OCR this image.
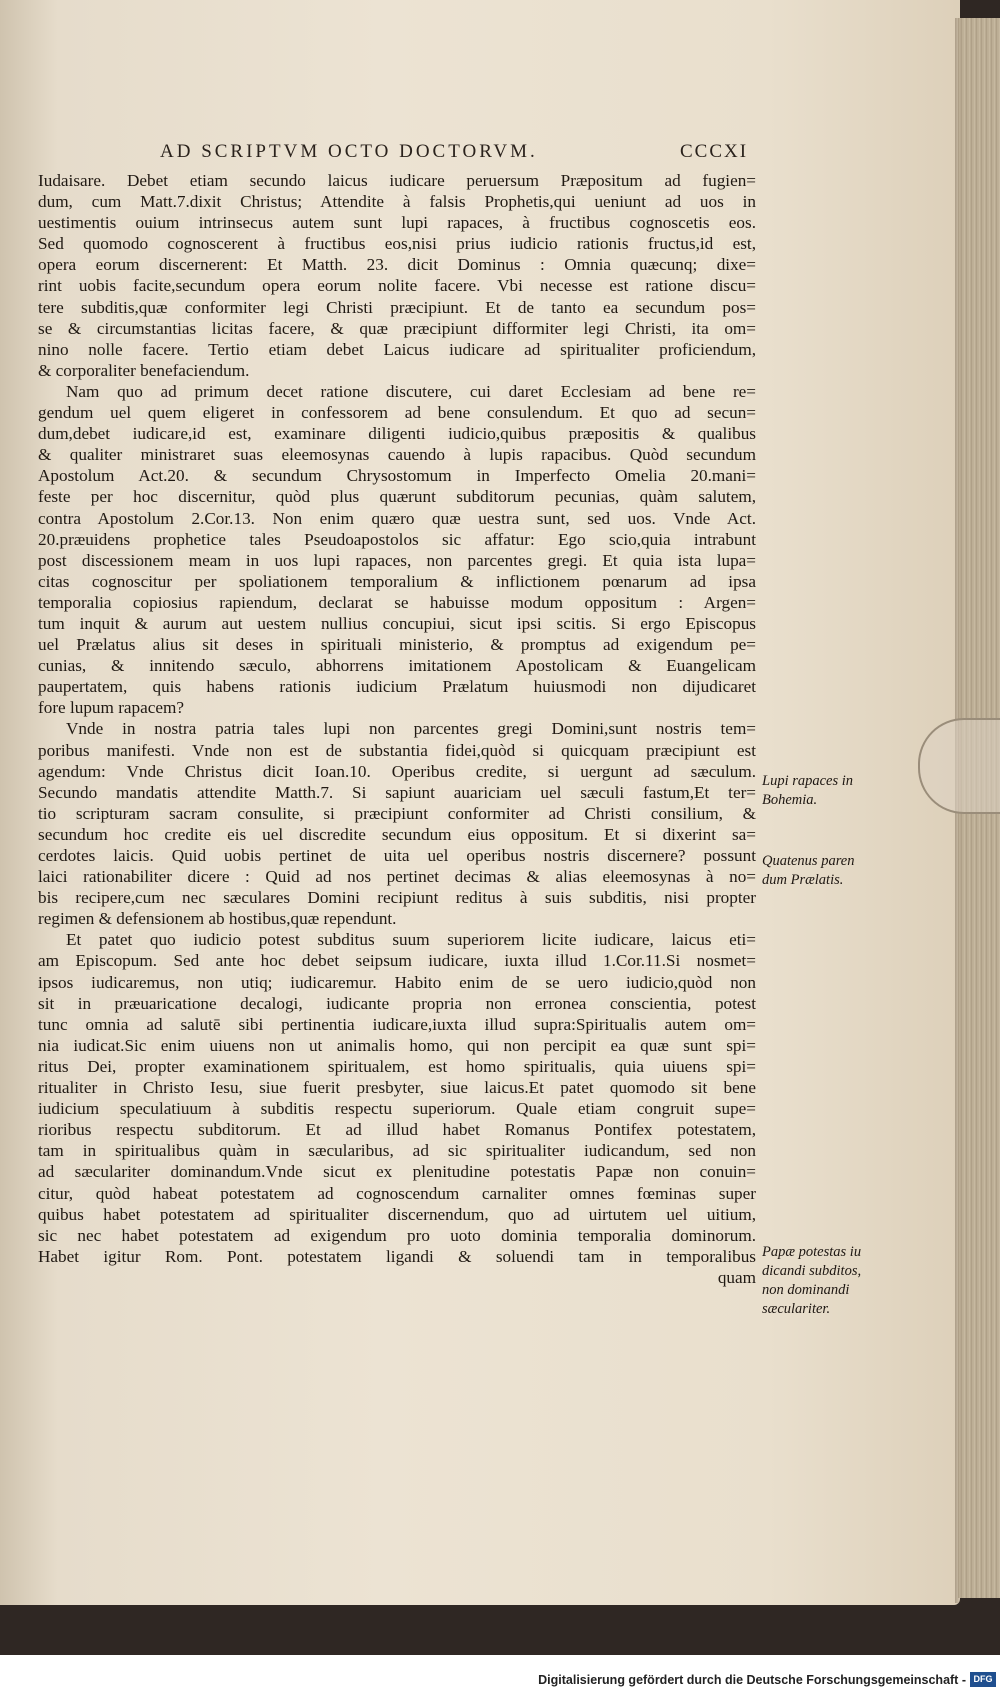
AD SCRIPTVM OCTO DOCTORVM.	CCCXI
Iudaisare. Debet etiam secundo laicus iudicare peruersum Præpositum ad fugien=
dum, cum Matt.7.dixit Christus; Attendite à falsis Prophetis,qui ueniunt ad uos in
uestimentis ouium intrinsecus autem sunt lupi rapaces, à fructibus cognoscetis eos.
Sed quomodo cognoscerent à fructibus eos,nisi prius iudicio rationis fructus,id est,
opera eorum discernerent: Et Matth. 23. dicit Dominus : Omnia quæcunq; dixe=
rint uobis facite,secundum opera eorum nolite facere. Vbi necesse est ratione discu=
tere subditis,quæ conformiter legi Christi præcipiunt. Et de tanto ea secundum pos=
se & circumstantias licitas facere, & quæ præcipiunt difformiter legi Christi, ita om=
nino nolle facere. Tertio etiam debet Laicus iudicare ad spiritualiter proficiendum,
& corporaliter benefaciendum.
Nam quo ad primum decet ratione discutere, cui daret Ecclesiam ad bene re=
gendum uel quem eligeret in confessorem ad bene consulendum. Et quo ad secun=
dum,debet iudicare,id est, examinare diligenti iudicio,quibus præpositis & qualibus
& qualiter ministraret suas eleemosynas cauendo à lupis rapacibus. Quòd secundum
Apostolum Act.20. & secundum Chrysostomum in Imperfecto Omelia 20.mani=
feste per hoc discernitur, quòd plus quærunt subditorum pecunias, quàm salutem,
contra Apostolum 2.Cor.13. Non enim quæro quæ uestra sunt, sed uos. Vnde Act.
20.præuidens prophetice tales Pseudoapostolos sic affatur: Ego scio,quia intrabunt
post discessionem meam in uos lupi rapaces, non parcentes gregi. Et quia ista lupa=
citas cognoscitur per spoliationem temporalium & inflictionem pœnarum ad ipsa
temporalia copiosius rapiendum, declarat se habuisse modum oppositum : Argen=
tum inquit & aurum aut uestem nullius concupiui, sicut ipsi scitis. Si ergo Episcopus
uel Prælatus alius sit deses in spirituali ministerio, & promptus ad exigendum pe=
cunias, & innitendo sæculo, abhorrens imitationem Apostolicam & Euangelicam
paupertatem, quis habens rationis iudicium Prælatum huiusmodi non dijudicaret
fore lupum rapacem?
Vnde in nostra patria tales lupi non parcentes gregi Domini,sunt nostris tem=
poribus manifesti. Vnde non est de substantia fidei,quòd si quicquam præcipiunt est
agendum: Vnde Christus dicit Ioan.10. Operibus credite, si uergunt ad sæculum.
Secundo mandatis attendite Matth.7. Si sapiunt auariciam uel sæculi fastum,Et ter=
tio scripturam sacram consulite, si præcipiunt conformiter ad Christi consilium, &
secundum hoc credite eis uel discredite secundum eius oppositum. Et si dixerint sa=
cerdotes laicis. Quid uobis pertinet de uita uel operibus nostris discernere? possunt
laici rationabiliter dicere : Quid ad nos pertinet decimas & alias eleemosynas à no=
bis recipere,cum nec sæculares Domini recipiunt reditus à suis subditis, nisi propter
regimen & defensionem ab hostibus,quæ rependunt.
Et patet quo iudicio potest subditus suum superiorem licite iudicare, laicus eti=
am Episcopum. Sed ante hoc debet seipsum iudicare, iuxta illud 1.Cor.11.Si nosmet=
ipsos iudicaremus, non utiq; iudicaremur. Habito enim de se uero iudicio,quòd non
sit in præuaricatione decalogi, iudicante propria non erronea conscientia, potest
tunc omnia ad salutē sibi pertinentia iudicare,iuxta illud supra:Spiritualis autem om=
nia iudicat.Sic enim uiuens non ut animalis homo, qui non percipit ea quæ sunt spi=
ritus Dei, propter examinationem spiritualem, est homo spiritualis, quia uiuens spi=
ritualiter in Christo Iesu, siue fuerit presbyter, siue laicus.Et patet quomodo sit bene
iudicium speculatiuum à subditis respectu superiorum. Quale etiam congruit supe=
rioribus respectu subditorum. Et ad illud habet Romanus Pontifex potestatem,
tam in spiritualibus quàm in sæcularibus, ad sic spiritualiter iudicandum, sed non
ad sæculariter dominandum.Vnde sicut ex plenitudine potestatis Papæ non conuin=
citur, quòd habeat potestatem ad cognoscendum carnaliter omnes fœminas super
quibus habet potestatem ad spiritualiter discernendum, quo ad uirtutem uel uitium,
sic nec habet potestatem ad exigendum pro uoto dominia temporalia dominorum.
Habet igitur Rom. Pont. potestatem ligandi & soluendi tam in temporalibus
quam
Lupi rapaces in
Bohemia.
Quatenus paren
dum Prælatis.
Papæ potestas iu
dicandi subditos,
non dominandi
sæculariter.
Digitalisierung gefördert durch die Deutsche Forschungsgemeinschaft - DFG
